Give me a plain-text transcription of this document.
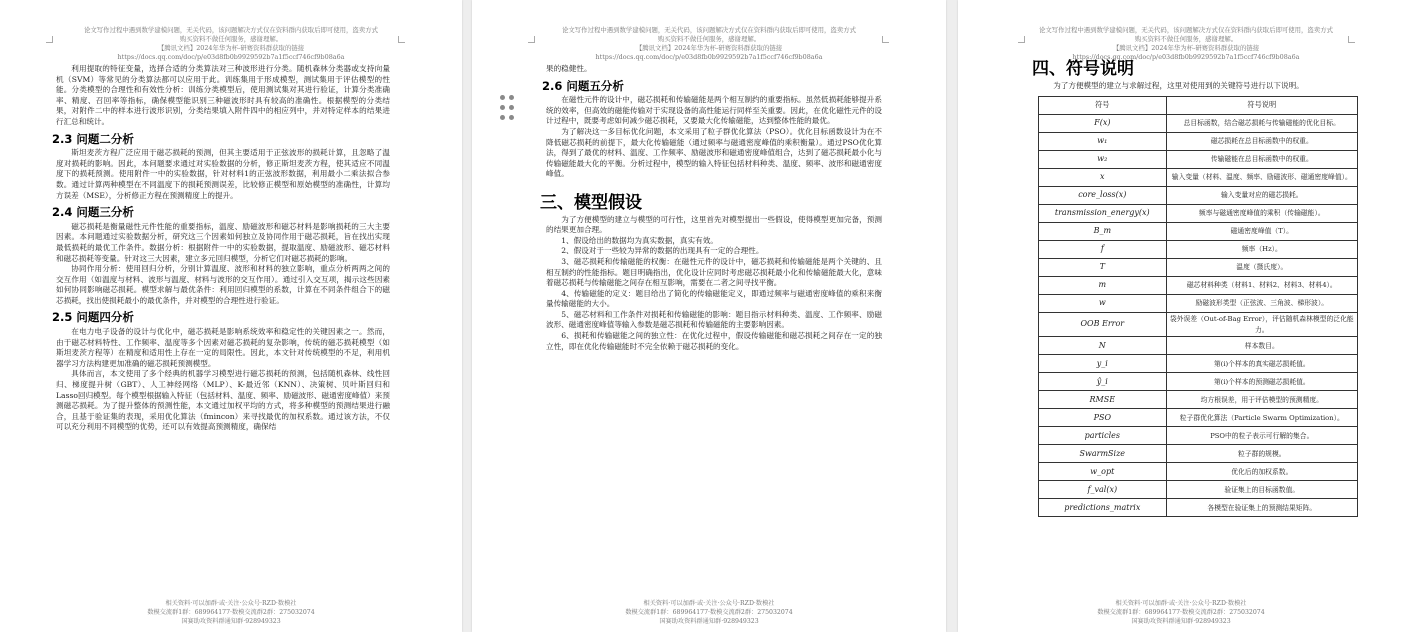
论文写作过程中遇到数学建模问题，无关代码，该问题解决方式仅在资料群内获取后即可使用，盗卖方式
购买资料不做任何服务，感谢理解。
【腾讯文档】2024年华为杯-研赛资料群获取的链接
https://docs.qq.com/doc/p/e03d8fb0b9929592b7a1f5ccf746cf9b08a6a

利用提取的特征变量，选择合适的分类算法对三种波形进行分类。随机森林分类器或支持向量机（SVM）等常见的分类算法都可以应用于此。训练集用于形成模型，测试集用于评估模型的性能。分类模型的合理性和有效性分析：训练分类模型后，使用测试集对其进行验证，计算分类准确率、精度、召回率等指标，确保模型能识别三种磁波形时具有较高的准确性。根据模型的分类结果，对附件二中的样本进行波形识别，分类结果填入附件四中的相应列中，并对特定样本的结果进行汇总和统计。

2.3 问题二分析

斯坦麦茨方程广泛应用于磁芯损耗的预测，但其主要适用于正弦波形的损耗计算，且忽略了温度对损耗的影响。因此，本问题要求通过对实验数据的分析，修正斯坦麦茨方程，使其适应不同温度下的损耗预测。使用附件一中的实验数据，针对材料1的正弦波形数据，利用最小二乘法拟合参数。通过计算两种模型在不同温度下的损耗预测误差，比较修正模型和原始模型的准确性，计算均方误差（MSE），分析修正方程在预测精度上的提升。

2.4 问题三分析

磁芯损耗是衡量磁性元件性能的重要指标，温度、励磁波形和磁芯材料是影响损耗的三大主要因素。本问题通过实验数据分析，研究这三个因素如何独立及协同作用于磁芯损耗，旨在找出实现最低损耗的最优工作条件。数据分析：根据附件一中的实验数据，提取温度、励磁波形、磁芯材料和磁芯损耗等变量。针对这三大因素，建立多元回归模型，分析它们对磁芯损耗的影响。

协同作用分析：使用回归分析，分别计算温度、波形和材料的独立影响，重点分析两两之间的交互作用（如温度与材料、波形与温度、材料与波形的交互作用）。通过引入交互项，揭示这些因素如何协同影响磁芯损耗。模型求解与最优条件：利用回归模型的系数，计算在不同条件组合下的磁芯损耗，找出使损耗最小的最优条件，并对模型的合理性进行验证。

2.5 问题四分析

在电力电子设备的设计与优化中，磁芯损耗是影响系统效率和稳定性的关键因素之一。然而，由于磁芯材料特性、工作频率、温度等多个因素对磁芯损耗的复杂影响，传统的磁芯损耗模型（如斯坦麦茨方程等）在精度和适用性上存在一定的局限性。因此，本文针对传统模型的不足，利用机器学习方法构建更加准确的磁芯损耗预测模型。

具体而言，本文使用了多个经典的机器学习模型进行磁芯损耗的预测，包括随机森林、线性回归、梯度提升树（GBT）、人工神经网络（MLP）、K-最近邻（KNN）、决策树、贝叶斯回归和Lasso回归模型。每个模型根据输入特征（包括材料、温度、频率、励磁波形、磁通密度峰值）来预测磁芯损耗。为了提升整体的预测性能，本文通过加权平均的方式，将多种模型的预测结果进行融合，且基于验证集的表现，采用优化算法（fmincon）来寻找最优的加权系数。通过该方法，不仅可以充分利用不同模型的优势，还可以有效提高预测精度，确保结

相关资料·可以加群·或·关注·公众号·RZD·数模社
数模交流群1群：689964177·数模交流群2群：275032074
国赛助攻资料群通知群·928949323
论文写作过程中遇到数学建模问题，无关代码，该问题解决方式仅在资料群内获取后即可使用，盗卖方式
购买资料不做任何服务，感谢理解。
【腾讯文档】2024年华为杯-研赛资料群获取的链接
https://docs.qq.com/doc/p/e03d8fb0b9929592b7a1f5ccf746cf9b08a6a
果的稳健性。
2.6 问题五分析

在磁性元件的设计中，磁芯损耗和传输磁能是两个相互制约的重要指标。虽然低损耗能够提升系统的效率，但高效的磁能传输对于实现设备的高性能运行同样至关重要。因此，在优化磁性元件的设计过程中，既要考虑如何减少磁芯损耗，又要最大化传输磁能，达到整体性能的最优。

为了解决这一多目标优化问题，本文采用了粒子群优化算法（PSO）。优化目标函数设计为在不降低磁芯损耗的前提下，最大化传输磁能（通过频率与磁通密度峰值的乘积衡量）。通过PSO优化算法，得到了最优的材料、温度、工作频率、励磁波形和磁通密度峰值组合，达到了磁芯损耗最小化与传输磁能最大化的平衡。分析过程中，模型的输入特征包括材料种类、温度、频率、波形和磁通密度峰值。

三、模型假设

为了方便模型的建立与模型的可行性，这里首先对模型提出一些假设，使得模型更加完备，预测的结果更加合理。

1、假设给出的数据均为真实数据，真实有效。

2、假设对于一些较为异常的数据的出现具有一定的合理性。

3、磁芯损耗和传输磁能的权衡：在磁性元件的设计中，磁芯损耗和传输磁能是两个关键的、且相互制约的性能指标。题目明确指出，优化设计应同时考虑磁芯损耗最小化和传输磁能最大化，意味着磁芯损耗与传输磁能之间存在相互影响，需要在二者之间寻找平衡。

4、传输磁能的定义：题目给出了简化的传输磁能定义，即通过频率与磁通密度峰值的乘积来衡量传输磁能的大小。

5、磁芯材料和工作条件对损耗和传输磁能的影响：题目指示材料种类、温度、工作频率、励磁波形、磁通密度峰值等输入参数是磁芯损耗和传输磁能的主要影响因素。

6、损耗和传输磁能之间的独立性：在优化过程中，假设传输磁能和磁芯损耗之间存在一定的独立性，即在优化传输磁能时不完全依赖于磁芯损耗的变化。

相关资料·可以加群·或·关注·公众号·RZD·数模社
数模交流群1群：689964177·数模交流群2群：275032074
国赛助攻资料群通知群·928949323
论文写作过程中遇到数学建模问题，无关代码，该问题解决方式仅在资料群内获取后即可使用，盗卖方式
购买资料不做任何服务，感谢理解。
【腾讯文档】2024年华为杯-研赛资料群获取的链接
https://docs.qq.com/doc/p/e03d8fb0b9929592b7a1f5ccf746cf9b08a6a
四、符号说明

为了方便模型的建立与求解过程，这里对使用到的关键符号进行以下说明。

符号	符号说明
F(x)	总目标函数，结合磁芯损耗与传输磁能的优化目标。
w₁	磁芯损耗在总目标函数中的权重。
w₂	传输磁能在总目标函数中的权重。
x	输入变量（材料、温度、频率、励磁波形、磁通密度峰值）。
core_loss(x)	输入变量对应的磁芯损耗。
transmission_energy(x)	频率与磁通密度峰值的乘积（传输磁能）。
B_m	磁通密度峰值（T）。
f	频率（Hz）。
T	温度（摄氏度）。
m	磁芯材料种类（材料1、材料2、材料3、材料4）。
w	励磁波形类型（正弦波、三角波、梯形波）。
OOB Error	袋外误差（Out-of-Bag Error），评估随机森林模型的泛化能力。
N	样本数目。
y_i	第(i)个样本的真实磁芯损耗值。
ŷ_i	第(i)个样本的预测磁芯损耗值。
RMSE	均方根误差，用于评估模型的预测精度。
PSO	粒子群优化算法（Particle Swarm Optimization）。
particles	PSO中的粒子表示可行解的集合。
SwarmSize	粒子群的规模。
w_opt	优化后的加权系数。
f_val(x)	验证集上的目标函数值。
predictions_matrix	各模型在验证集上的预测结果矩阵。
相关资料·可以加群·或·关注·公众号·RZD·数模社
数模交流群1群：689964177·数模交流群2群：275032074
国赛助攻资料群通知群·928949323
